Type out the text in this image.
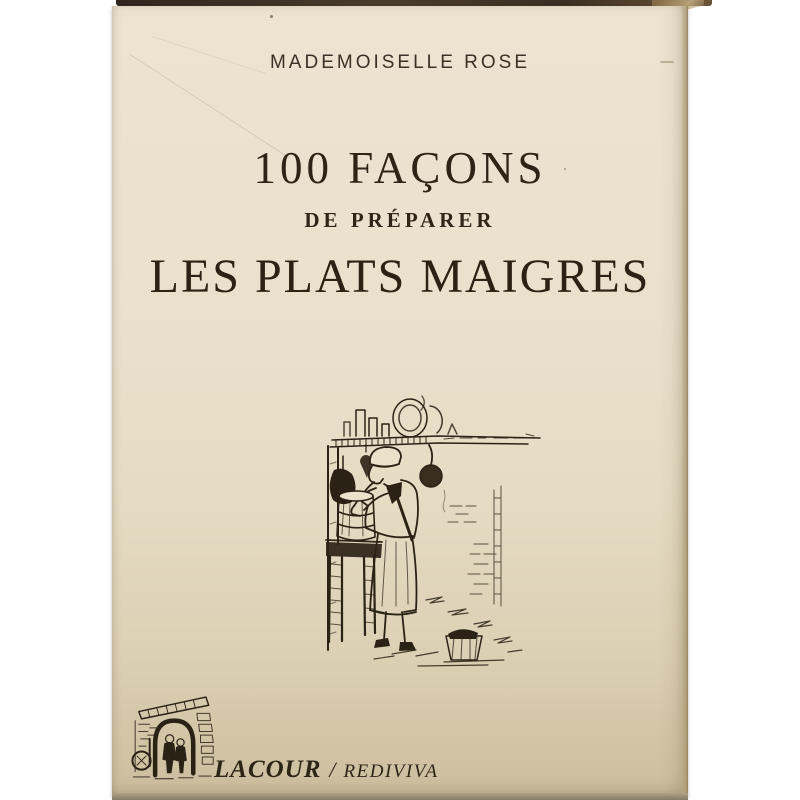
MADEMOISELLE ROSE
100 FAÇONS
DE PRÉPARER
LES PLATS MAIGRES
LACOUR / REDIVIVA
